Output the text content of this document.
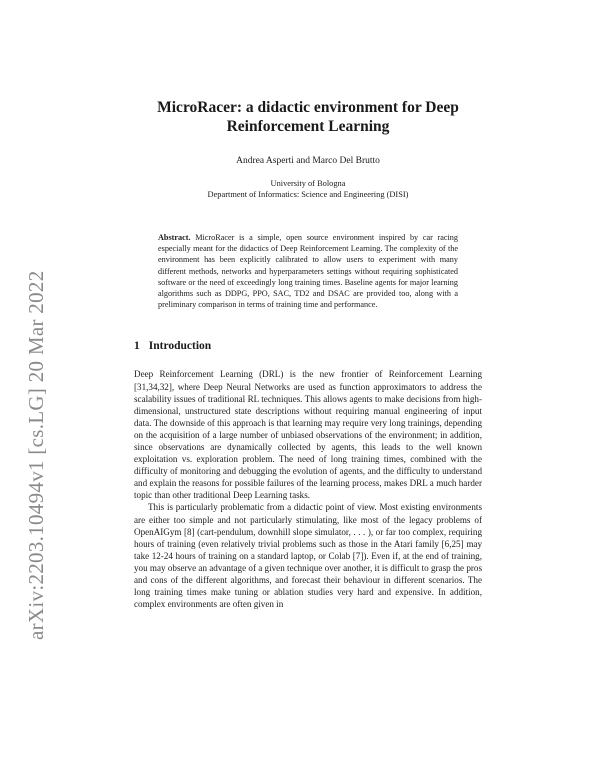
arXiv:2203.10494v1 [cs.LG] 20 Mar 2022
MicroRacer: a didactic environment for Deep Reinforcement Learning
Andrea Asperti and Marco Del Brutto
University of Bologna
Department of Informatics: Science and Engineering (DISI)
Abstract. MicroRacer is a simple, open source environment inspired by car racing especially meant for the didactics of Deep Reinforcement Learning. The complexity of the environment has been explicitly calibrated to allow users to experiment with many different methods, networks and hyperparameters settings without requiring sophisticated software or the need of exceedingly long training times. Baseline agents for major learning algorithms such as DDPG, PPO, SAC, TD2 and DSAC are provided too, along with a preliminary comparison in terms of training time and performance.
1 Introduction

Deep Reinforcement Learning (DRL) is the new frontier of Reinforcement Learning [31,34,32], where Deep Neural Networks are used as function approximators to address the scalability issues of traditional RL techniques. This allows agents to make decisions from high-dimensional, unstructured state descriptions without requiring manual engineering of input data. The downside of this approach is that learning may require very long trainings, depending on the acquisition of a large number of unbiased observations of the environment; in addition, since observations are dynamically collected by agents, this leads to the well known exploitation vs. exploration problem. The need of long training times, combined with the difficulty of monitoring and debugging the evolution of agents, and the difficulty to understand and explain the reasons for possible failures of the learning process, makes DRL a much harder topic than other traditional Deep Learning tasks.

This is particularly problematic from a didactic point of view. Most existing environments are either too simple and not particularly stimulating, like most of the legacy problems of OpenAIGym [8] (cart-pendulum, downhill slope simulator, . . . ), or far too complex, requiring hours of training (even relatively trivial problems such as those in the Atari family [6,25] may take 12-24 hours of training on a standard laptop, or Colab [7]). Even if, at the end of training, you may observe an advantage of a given technique over another, it is difficult to grasp the pros and cons of the different algorithms, and forecast their behaviour in different scenarios. The long training times make tuning or ablation studies very hard and expensive. In addition, complex environments are often given in
